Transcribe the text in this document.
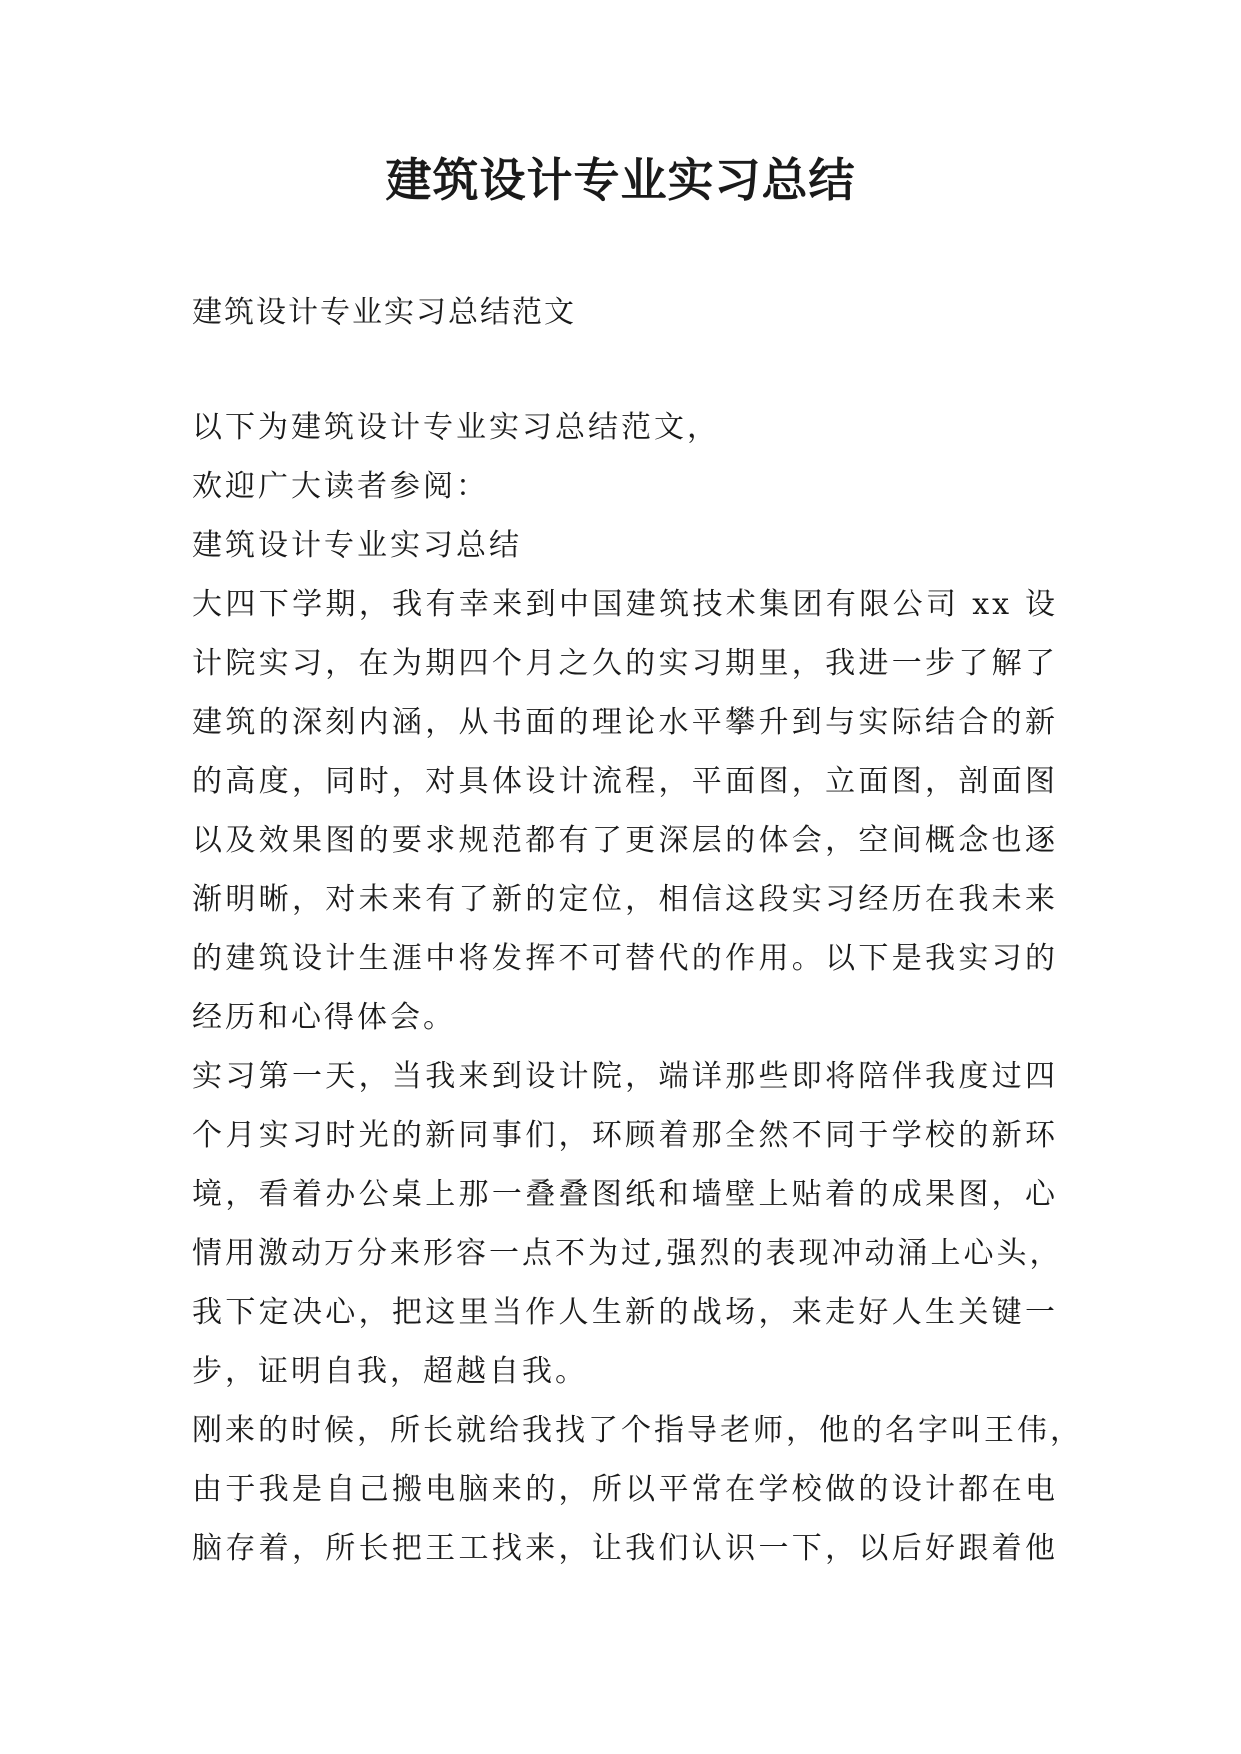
建筑设计专业实习总结

建筑设计专业实习总结范文

以下为建筑设计专业实习总结范文，
欢迎广大读者参阅：
建筑设计专业实习总结
大四下学期，我有幸来到中国建筑技术集团有限公司 xx 设
计院实习，在为期四个月之久的实习期里，我进一步了解了
建筑的深刻内涵，从书面的理论水平攀升到与实际结合的新
的高度，同时，对具体设计流程，平面图，立面图，剖面图
以及效果图的要求规范都有了更深层的体会，空间概念也逐
渐明晰，对未来有了新的定位，相信这段实习经历在我未来
的建筑设计生涯中将发挥不可替代的作用。以下是我实习的
经历和心得体会。
实习第一天，当我来到设计院，端详那些即将陪伴我度过四
个月实习时光的新同事们，环顾着那全然不同于学校的新环
境，看着办公桌上那一叠叠图纸和墙壁上贴着的成果图，心
情用激动万分来形容一点不为过,强烈的表现冲动涌上心头，
我下定决心，把这里当作人生新的战场，来走好人生关键一
步，证明自我，超越自我。
刚来的时候，所长就给我找了个指导老师，他的名字叫王伟，
由于我是自己搬电脑来的，所以平常在学校做的设计都在电
脑存着，所长把王工找来，让我们认识一下，以后好跟着他
